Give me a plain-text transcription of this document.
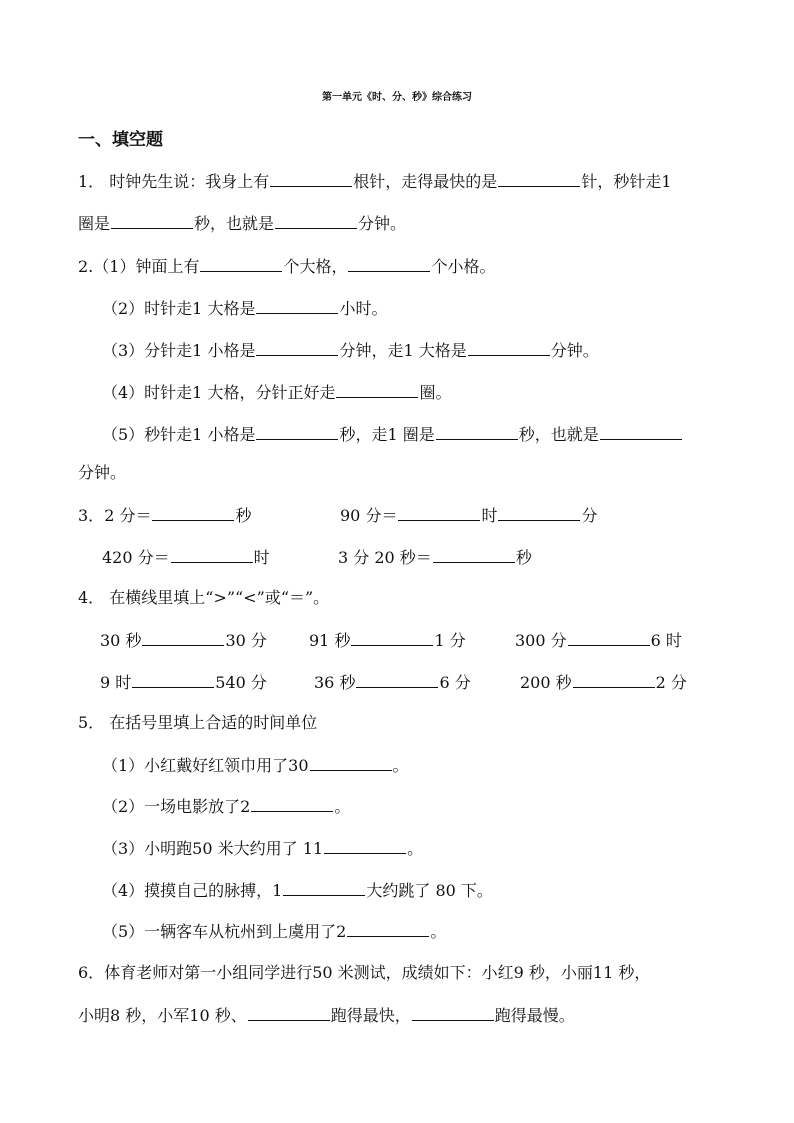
第一单元《时、分、秒》综合练习
一、填空题
1． 时钟先生说：我身上有	根针，走得最快的是	针，秒针走1
圈是	秒，也就是	分钟。
2.（1）钟面上有	个大格，	个小格。
（2）时针走1 大格是	小时。
（3）分针走1 小格是	分钟，走1 大格是	分钟。
（4）时针走1 大格，分针正好走	圈。
（5）秒针走1 小格是	秒，走1 圈是	秒，也就是
分钟。
3．2 分＝	秒	90 分＝	时	分
420 分＝	时	3 分 20 秒＝	秒
4． 在横线里填上“>”“<”或“＝”。
30 秒	30 分	91 秒	1 分	300 分	6 时
9 时	540 分	36 秒	6 分	200 秒	2 分
5． 在括号里填上合适的时间单位
（1）小红戴好红领巾用了30	。
（2）一场电影放了2	。
（3）小明跑50 米大约用了 11	。
（4）摸摸自己的脉搏，1	大约跳了 80 下。
（5）一辆客车从杭州到上虞用了2	。
6．体育老师对第一小组同学进行50 米测试，成绩如下：小红9 秒，小丽11 秒，
小明8 秒，小军10 秒、	跑得最快，	跑得最慢。
